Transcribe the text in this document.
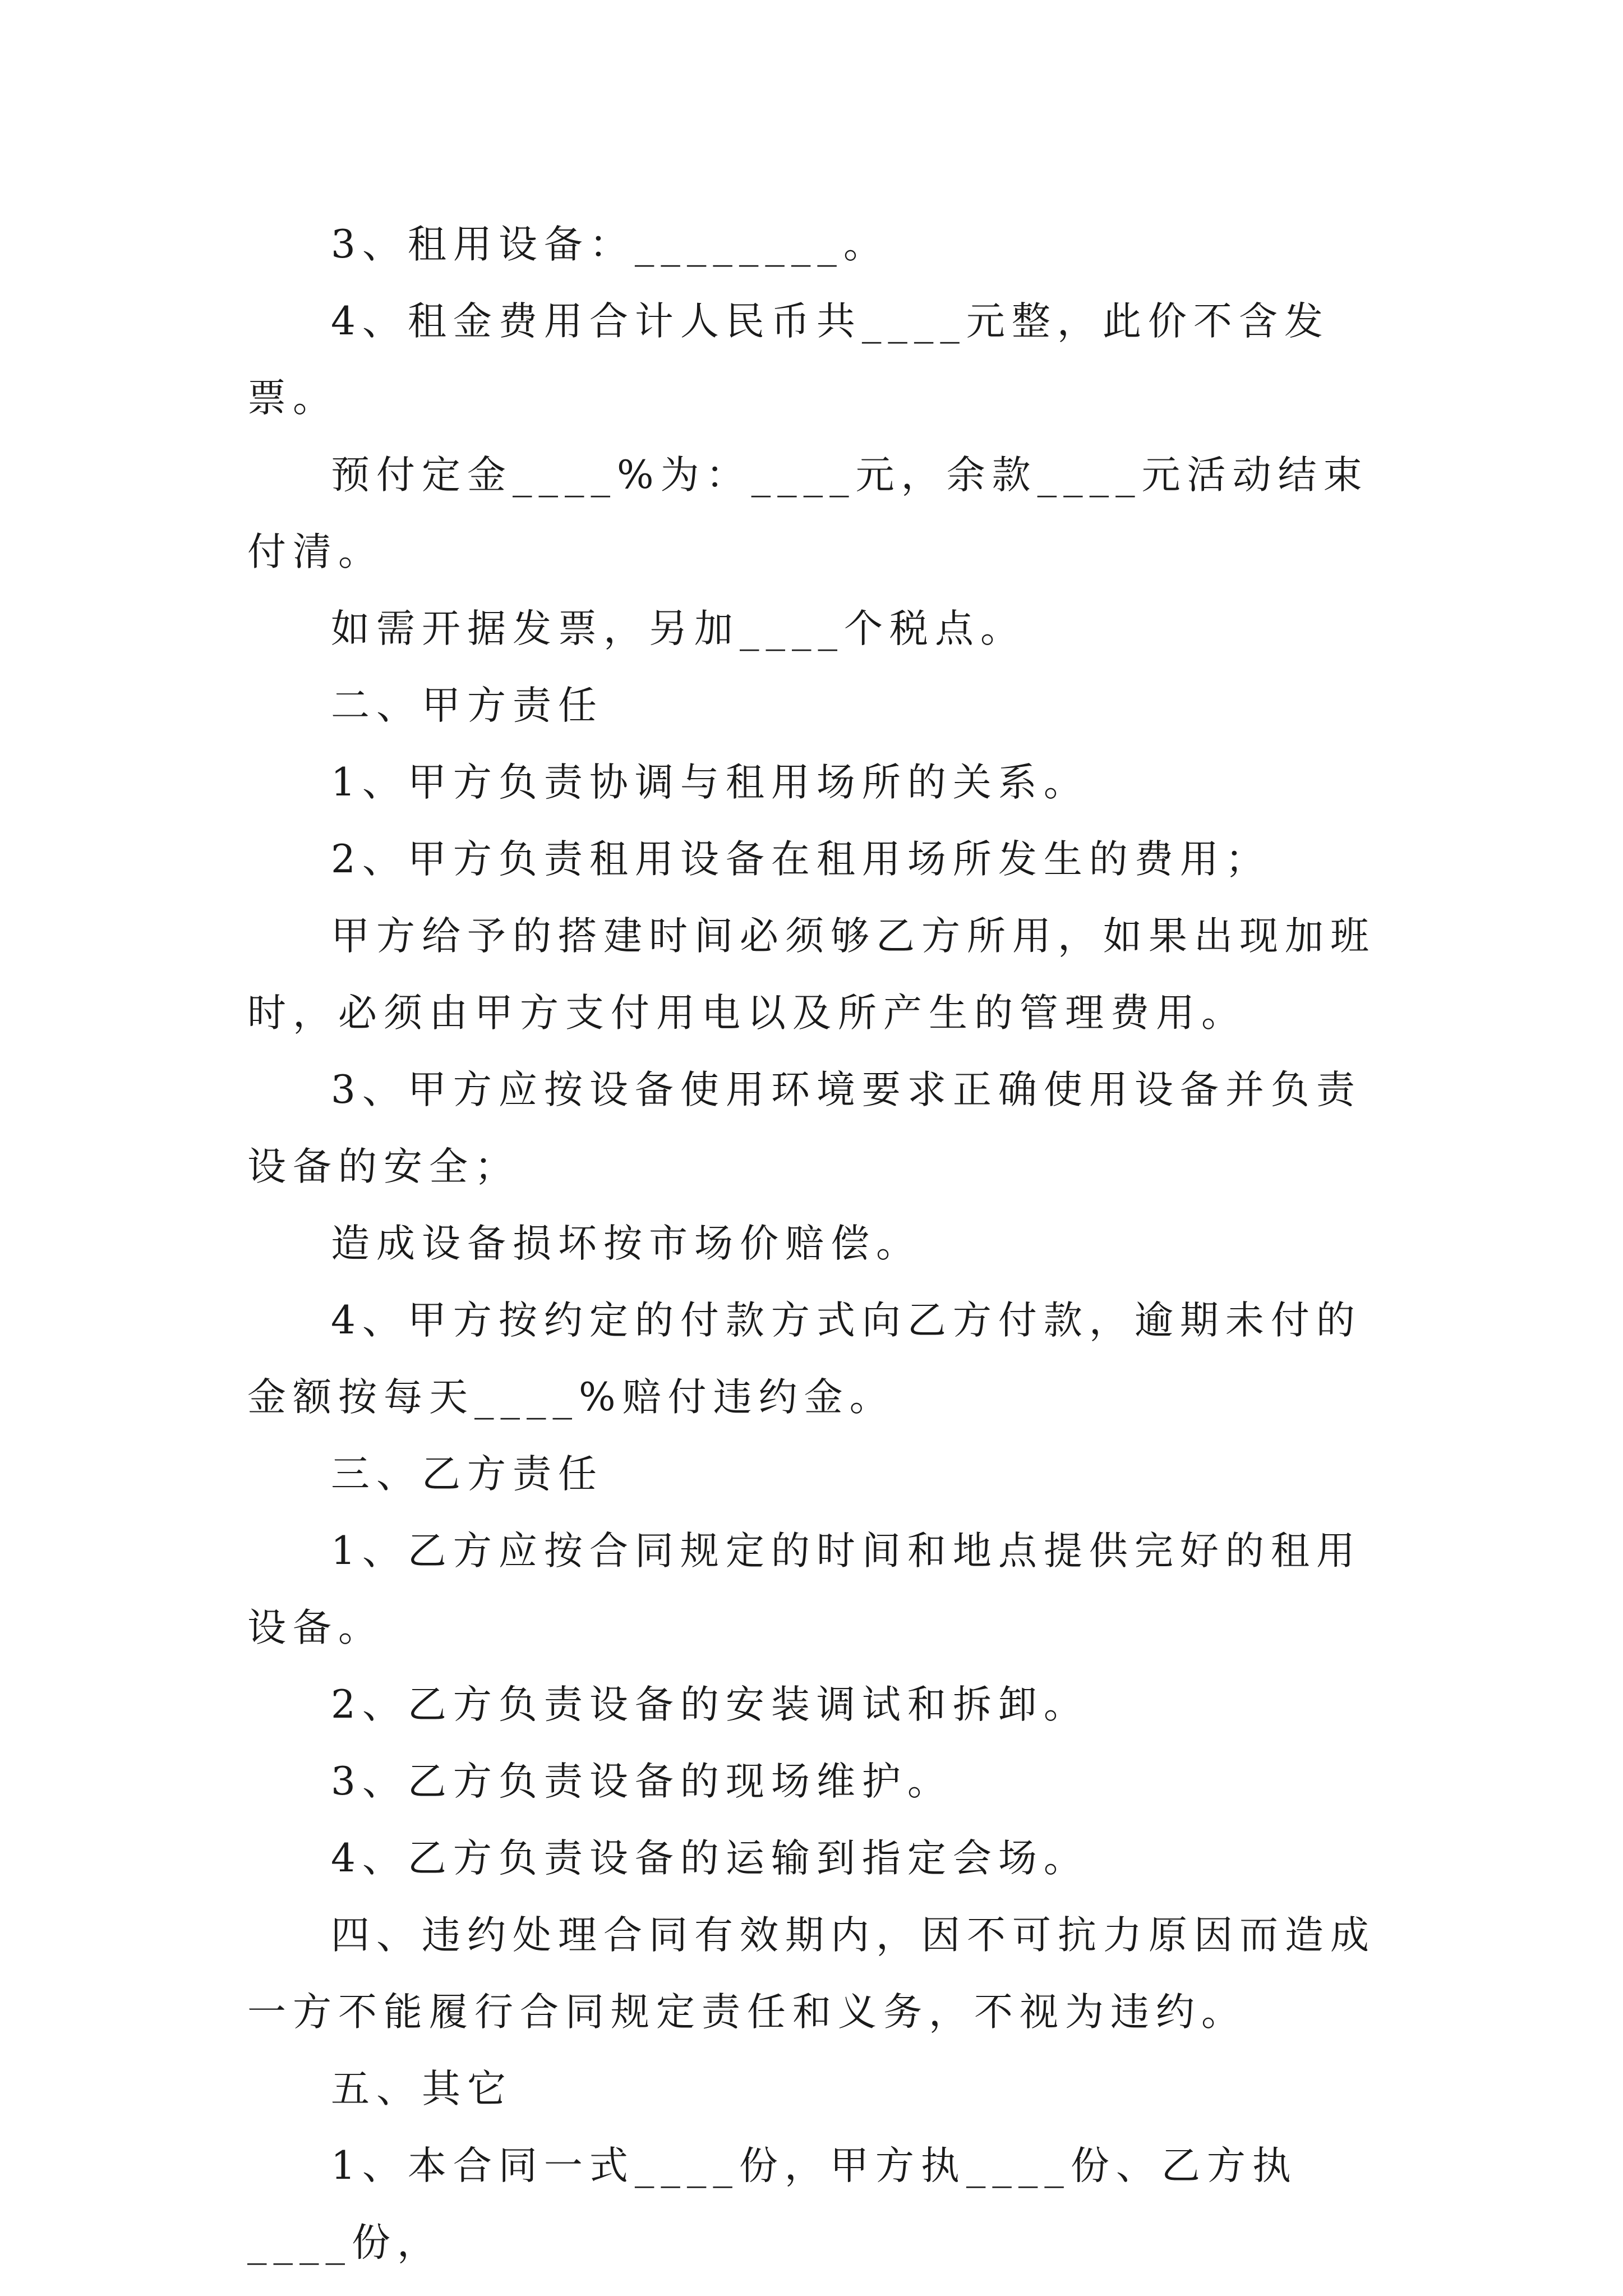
3、租用设备：________。

4、租金费用合计人民币共____元整，此价不含发票。

预付定金____%为：____元，余款____元活动结束付清。

如需开据发票，另加____个税点。

二、甲方责任

1、甲方负责协调与租用场所的关系。

2、甲方负责租用设备在租用场所发生的费用；

甲方给予的搭建时间必须够乙方所用，如果出现加班时，必须由甲方支付用电以及所产生的管理费用。

3、甲方应按设备使用环境要求正确使用设备并负责设备的安全；

造成设备损坏按市场价赔偿。

4、甲方按约定的付款方式向乙方付款，逾期未付的金额按每天____%赔付违约金。

三、乙方责任

1、乙方应按合同规定的时间和地点提供完好的租用设备。

2、乙方负责设备的安装调试和拆卸。

3、乙方负责设备的现场维护。

4、乙方负责设备的运输到指定会场。

四、违约处理合同有效期内，因不可抗力原因而造成一方不能履行合同规定责任和义务，不视为违约。

五、其它

1、本合同一式____份，甲方执____份、乙方执____份，
